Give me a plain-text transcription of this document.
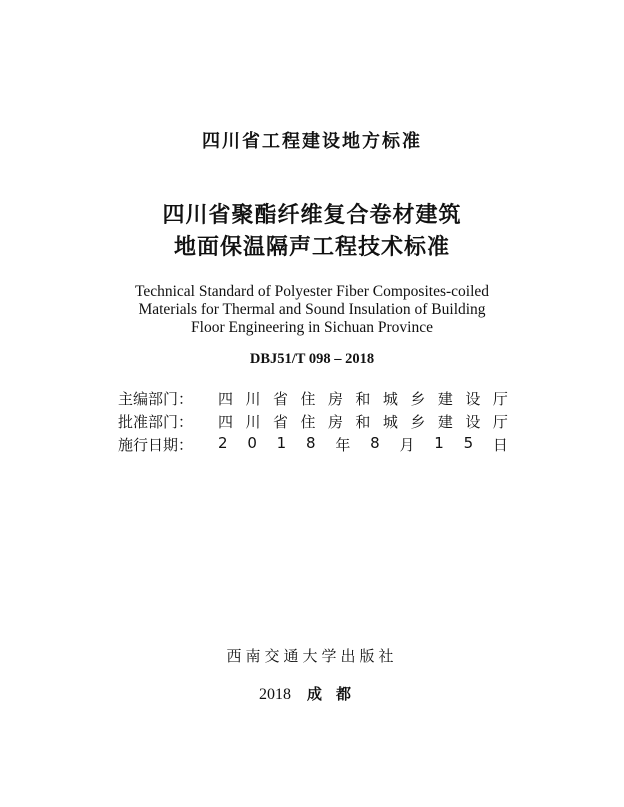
四川省工程建设地方标准
四川省聚酯纤维复合卷材建筑
地面保温隔声工程技术标准
Technical Standard of Polyester Fiber Composites-coiled
Materials for Thermal and Sound Insulation of Building
Floor Engineering in Sichuan Province
DBJ51/T 098 – 2018
主编部门： 四 川 省 住 房 和 城 乡 建 设 厅
批准部门： 四 川 省 住 房 和 城 乡 建 设 厅
施行日期： 2 0 1 8 年 8 月 1 5 日
西南交通大学出版社
2018 成都
